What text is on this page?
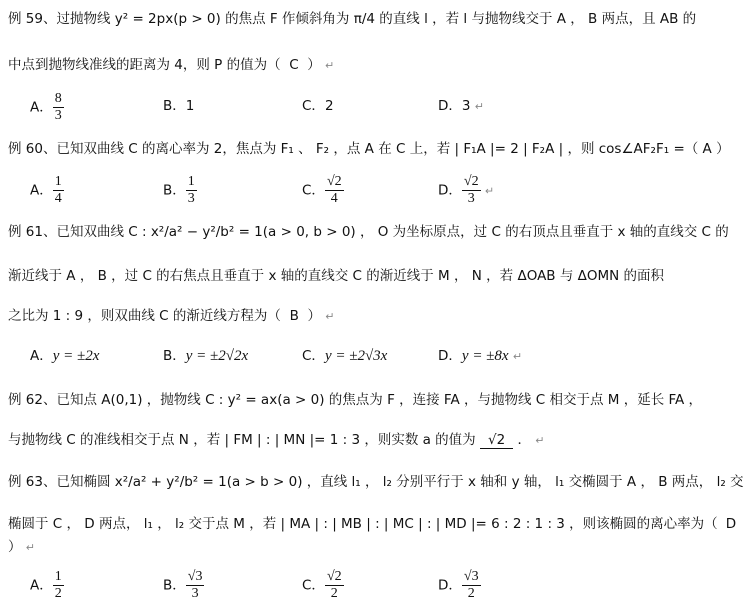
例 59、过抛物线 y² = 2px(p > 0) 的焦点 F 作倾斜角为 π/4 的直线 l ，若 l 与抛物线交于 A ， B 两点，且 AB 的
中点到抛物线准线的距离为 4，则 P 的值为（ C ） ↵
A． $\frac{8}{3}$	B．1	C．2	D．3 ↵
例 60、已知双曲线 C 的离心率为 2，焦点为 F₁ 、 F₂ ，点 A 在 C 上，若 | F₁A |= 2 | F₂A | ，则 cos∠AF₂F₁ =（ A ）
A． $\frac{1}{4}$	B． $\frac{1}{3}$	C． $\frac{√2}{4}$	D． $\frac{√2}{3}$ ↵
例 61、已知双曲线 C : x²/a² − y²/b² = 1(a > 0, b > 0) ， O 为坐标原点，过 C 的右顶点且垂直于 x 轴的直线交 C 的
渐近线于 A ， B ，过 C 的右焦点且垂直于 x 轴的直线交 C 的渐近线于 M ， N ，若 ΔOAB 与 ΔOMN 的面积
之比为 1 : 9 ，则双曲线 C 的渐近线方程为（ B ） ↵
A．y = ±2x	B．y = ±2√2x	C．y = ±2√3x	D．y = ±8x ↵
例 62、已知点 A(0,1) ，抛物线 C : y² = ax(a > 0) 的焦点为 F ，连接 FA ，与抛物线 C 相交于点 M ，延长 FA ，
与抛物线 C 的准线相交于点 N ，若 | FM | : | MN |= 1 : 3 ，则实数 a 的值为 √2 ． ↵
例 63、已知椭圆 x²/a² + y²/b² = 1(a > b > 0) ，直线 l₁ ， l₂ 分别平行于 x 轴和 y 轴， l₁ 交椭圆于 A ， B 两点， l₂ 交
椭圆于 C ， D 两点， l₁ ， l₂ 交于点 M ，若 | MA | : | MB | : | MC | : | MD |= 6 : 2 : 1 : 3 ，则该椭圆的离心率为（ D
） ↵
A． $\frac{1}{2}$	B． $\frac{√3}{3}$	C． $\frac{√2}{2}$	D． $\frac{√3}{2}$
